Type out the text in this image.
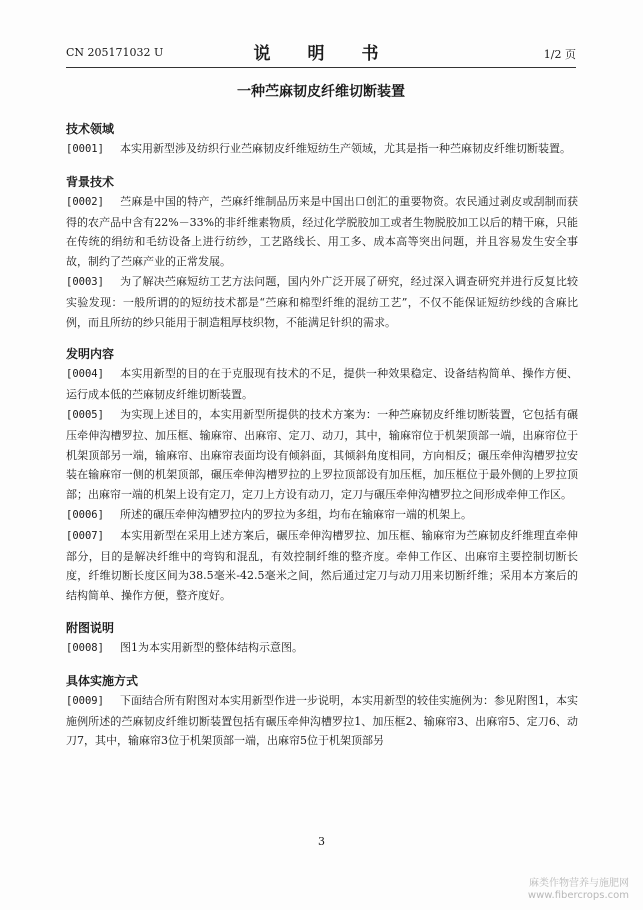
CN 205171032 U	说　明　书	1/2 页
一种苎麻韧皮纤维切断装置
技术领域

[0001] 本实用新型涉及纺织行业苎麻韧皮纤维短纺生产领域，尤其是指一种苎麻韧皮纤维切断装置。

背景技术

[0002] 苎麻是中国的特产，苎麻纤维制品历来是中国出口创汇的重要物资。农民通过剥皮或刮制而获得的农产品中含有22%－33%的非纤维素物质，经过化学脱胶加工或者生物脱胶加工以后的精干麻，只能在传统的绢纺和毛纺设备上进行纺纱，工艺路线长、用工多、成本高等突出问题，并且容易发生安全事故，制约了苎麻产业的正常发展。

[0003] 为了解决苎麻短纺工艺方法问题，国内外广泛开展了研究，经过深入调查研究并进行反复比较实验发现：一般所谓的的短纺技术都是“苎麻和棉型纤维的混纺工艺”，不仅不能保证短纺纱线的含麻比例，而且所纺的纱只能用于制造粗厚枝织物，不能满足针织的需求。

发明内容

[0004] 本实用新型的目的在于克服现有技术的不足，提供一种效果稳定、设备结构简单、操作方便、运行成本低的苎麻韧皮纤维切断装置。

[0005] 为实现上述目的，本实用新型所提供的技术方案为：一种苎麻韧皮纤维切断装置，它包括有碾压牵伸沟槽罗拉、加压框、输麻帘、出麻帘、定刀、动刀，其中，输麻帘位于机架顶部一端，出麻帘位于机架顶部另一端，输麻帘、出麻帘表面均设有倾斜面，其倾斜角度相同，方向相反；碾压牵伸沟槽罗拉安装在输麻帘一侧的机架顶部，碾压牵伸沟槽罗拉的上罗拉顶部设有加压框，加压框位于最外侧的上罗拉顶部；出麻帘一端的机架上设有定刀，定刀上方设有动刀，定刀与碾压牵伸沟槽罗拉之间形成牵伸工作区。

[0006] 所述的碾压牵伸沟槽罗拉内的罗拉为多组，均布在输麻帘一端的机架上。

[0007] 本实用新型在采用上述方案后，碾压牵伸沟槽罗拉、加压框、输麻帘为苎麻韧皮纤维理直牵伸部分，目的是解决纤维中的弯钩和混乱，有效控制纤维的整齐度。牵伸工作区、出麻帘主要控制切断长度，纤维切断长度区间为38.5毫米-42.5毫米之间，然后通过定刀与动刀用来切断纤维；采用本方案后的结构简单、操作方便，整齐度好。

附图说明

[0008] 图1为本实用新型的整体结构示意图。

具体实施方式

[0009] 下面结合所有附图对本实用新型作进一步说明，本实用新型的较佳实施例为：参见附图1，本实施例所述的苎麻韧皮纤维切断装置包括有碾压牵伸沟槽罗拉1、加压框2、输麻帘3、出麻帘5、定刀6、动刀7，其中，输麻帘3位于机架顶部一端，出麻帘5位于机架顶部另

3
麻类作物营养与施肥网
www.fibercrops.com
